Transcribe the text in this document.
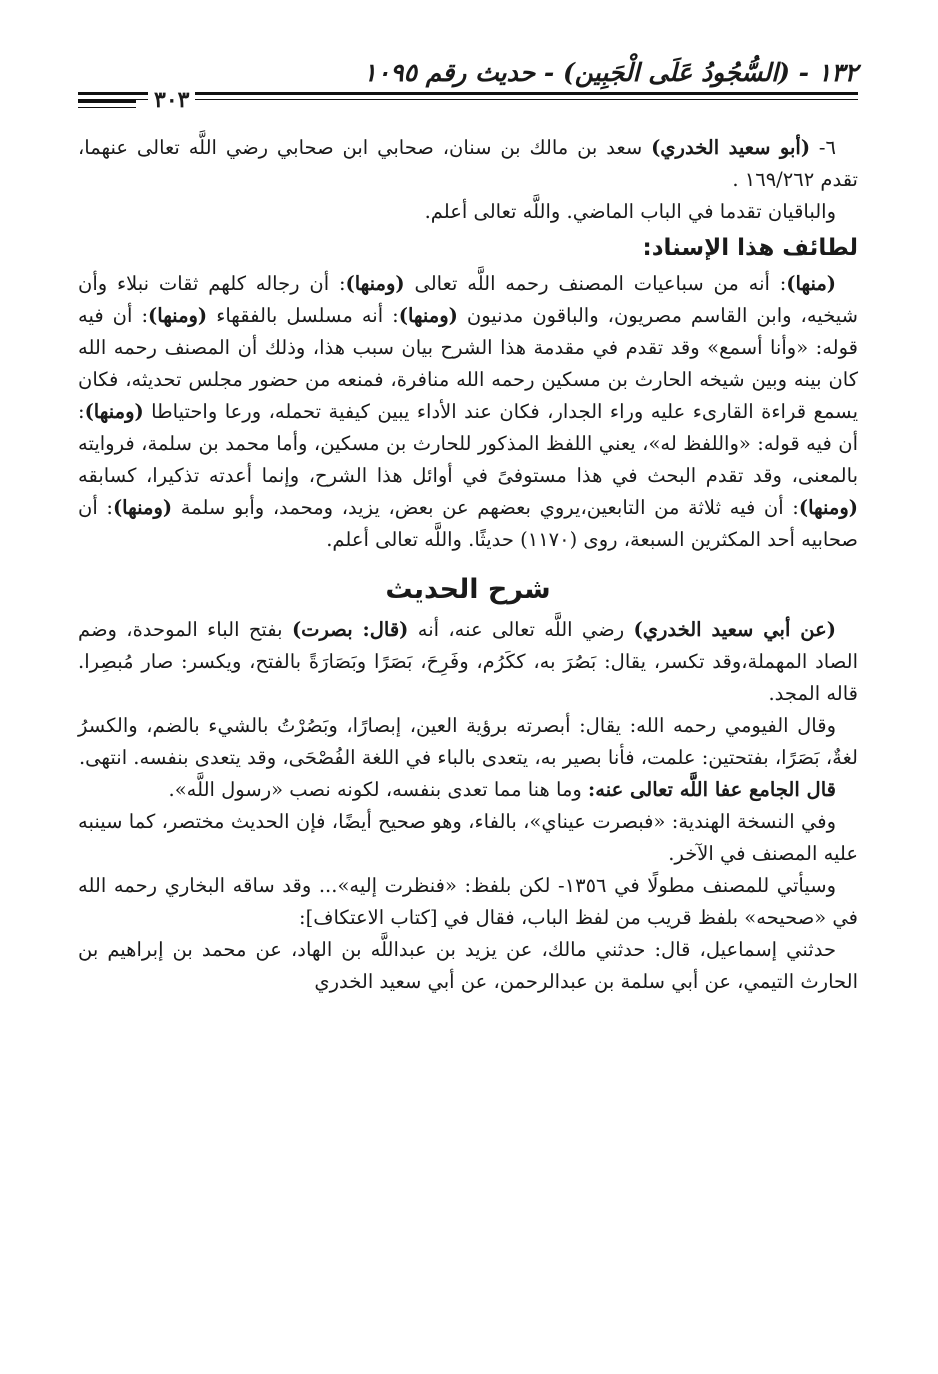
١٣٢ - (السُّجُودُ عَلَى الْجَبِين) - حديث رقم ١٠٩٥
٣٠٣

٦- (أبو سعيد الخدري) سعد بن مالك بن سنان، صحابي ابن صحابي رضي اللَّه تعالى عنهما، تقدم ١٦٩/٢٦٢ .

والباقيان تقدما في الباب الماضي. واللَّه تعالى أعلم.

لطائف هذا الإسناد:

(منها): أنه من سباعيات المصنف رحمه اللَّه تعالى (ومنها): أن رجاله كلهم ثقات نبلاء وأن شيخيه، وابن القاسم مصريون، والباقون مدنيون (ومنها): أنه مسلسل بالفقهاء (ومنها): أن فيه قوله: «وأنا أسمع» وقد تقدم في مقدمة هذا الشرح بيان سبب هذا، وذلك أن المصنف رحمه الله كان بينه وبين شيخه الحارث بن مسكين رحمه الله منافرة، فمنعه من حضور مجلس تحديثه، فكان يسمع قراءة القارىء عليه وراء الجدار، فكان عند الأداء يبين كيفية تحمله، ورعا واحتياطا (ومنها): أن فيه قوله: «واللفظ له»، يعني اللفظ المذكور للحارث بن مسكين، وأما محمد بن سلمة، فروايته بالمعنى، وقد تقدم البحث في هذا مستوفىً في أوائل هذا الشرح، وإنما أعدته تذكيرا، كسابقه (ومنها): أن فيه ثلاثة من التابعين،يروي بعضهم عن بعض، يزيد، ومحمد، وأبو سلمة (ومنها): أن صحابيه أحد المكثرين السبعة، روى (١١٧٠) حديثًا. واللَّه تعالى أعلم.

شرح الحديث

(عن أبي سعيد الخدري) رضي اللَّه تعالى عنه، أنه (قال: بصرت) بفتح الباء الموحدة، وضم الصاد المهملة،وقد تكسر، يقال: بَصُرَ به، ككَرُم، وفَرِحَ، بَصَرًا وبَصَارَةً بالفتح، ويكسر: صار مُبصِرا. قاله المجد.

وقال الفيومي رحمه الله: يقال: أبصرته برؤية العين، إبصارًا، وبَصُرْتُ بالشيء بالضم، والكسرُ لغةٌ، بَصَرًا، بفتحتين: علمت، فأنا بصير به، يتعدى بالباء في اللغة الفُصْحَى، وقد يتعدى بنفسه. انتهى.

قال الجامع عفا اللَّه تعالى عنه: وما هنا مما تعدى بنفسه، لكونه نصب «رسول اللَّه».

وفي النسخة الهندية: «فبصرت عيناي»، بالفاء، وهو صحيح أيضًا، فإن الحديث مختصر، كما سينبه عليه المصنف في الآخر.

وسيأتي للمصنف مطولًا في ١٣٥٦- لكن بلفظ: «فنظرت إليه»... وقد ساقه البخاري رحمه الله في «صحيحه» بلفظ قريب من لفظ الباب، فقال في [كتاب الاعتكاف]:

حدثني إسماعيل، قال: حدثني مالك، عن يزيد بن عبداللَّه بن الهاد، عن محمد بن إبراهيم بن الحارث التيمي، عن أبي سلمة بن عبدالرحمن، عن أبي سعيد الخدري
